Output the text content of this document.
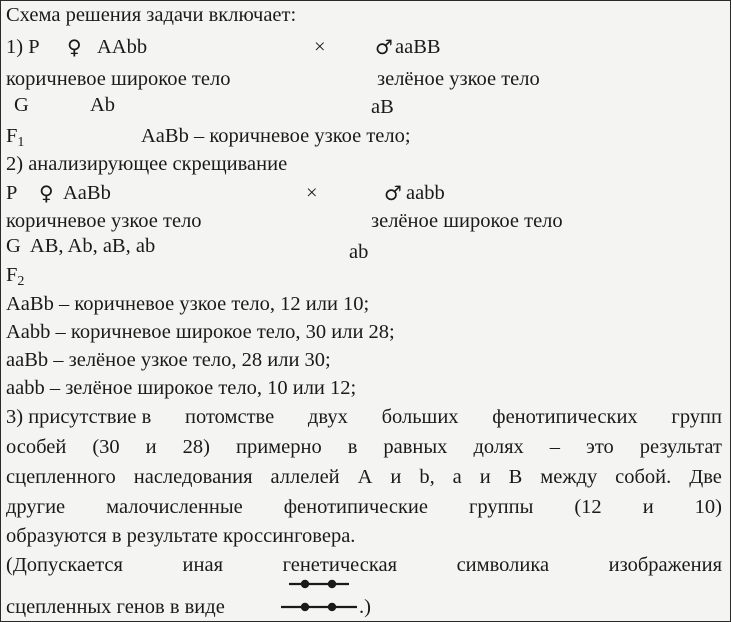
Схема решения задачи включает:
1) Р ♀ AAbb	× ♂ aaBB
коричневое широкое тело	зелёное узкое тело
G	Ab	aB
$F_1$	AaBb – коричневое узкое тело;
2) анализирующее скрещивание
Р ♀ AaBb	×	♂ aabb
коричневое узкое тело	зелёное широкое тело
G  AB, Ab, aB, ab	ab
$F_2$
AaBb – коричневое узкое тело, 12 или 10;
Aabb – коричневое широкое тело, 30 или 28;
aaBb – зелёное узкое тело, 28 или 30;
aabb – зелёное широкое тело, 10 или 12;
3) присутствие в потомстве двух больших фенотипических групп
особей (30 и 28) примерно в равных долях – это результат
сцепленного наследования аллелей А и b, а и В между собой. Две
другие малочисленные фенотипические группы (12 и 10)
образуются в результате кроссинговера.
(Допускается	иная	генетическая	символика	изображения
сцепленных генов в виде	.)
